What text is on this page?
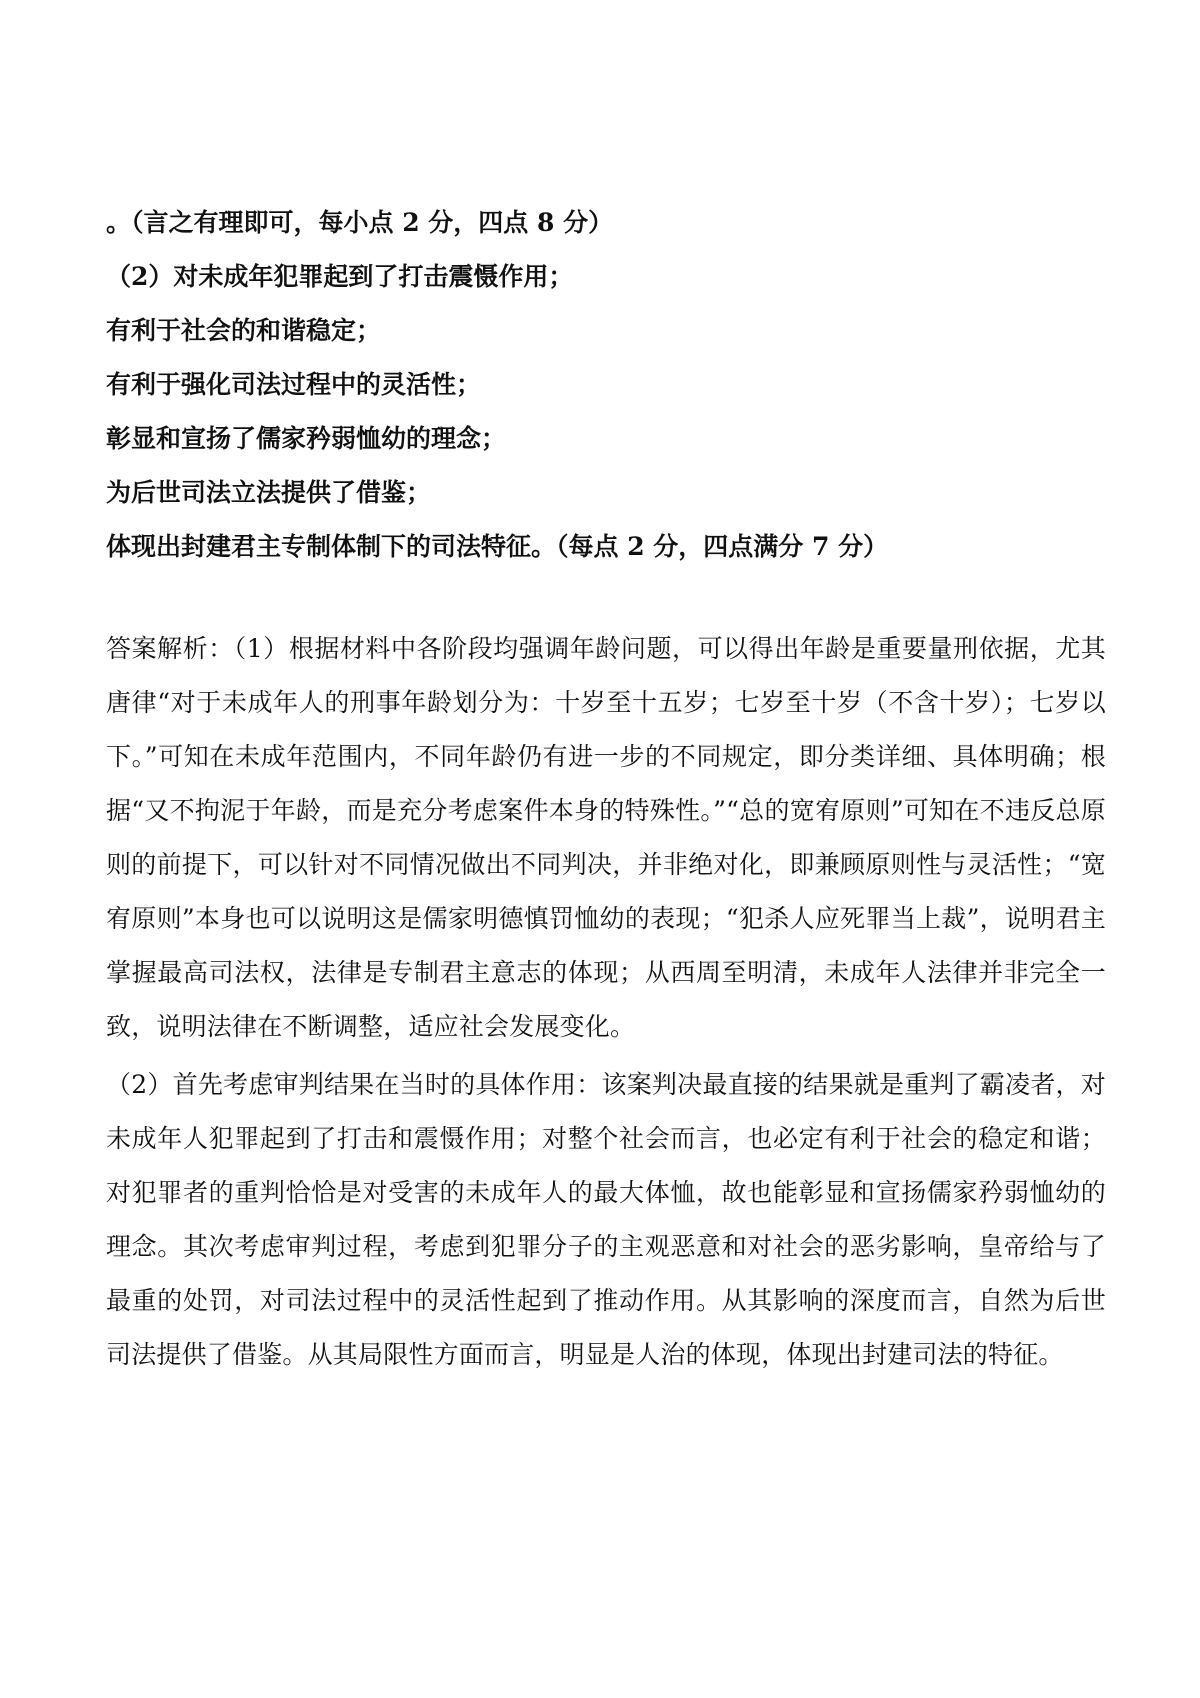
。（言之有理即可，每小点 2 分，四点 8 分）
（2）对未成年犯罪起到了打击震慑作用；
有利于社会的和谐稳定；
有利于强化司法过程中的灵活性；
彰显和宣扬了儒家矜弱恤幼的理念；
为后世司法立法提供了借鉴；
体现出封建君主专制体制下的司法特征。（每点 2 分，四点满分 7 分）

答案解析：（1）根据材料中各阶段均强调年龄问题，可以得出年龄是重要量刑依据，尤其唐律“对于未成年人的刑事年龄划分为：十岁至十五岁；七岁至十岁（不含十岁）；七岁以下。”可知在未成年范围内，不同年龄仍有进一步的不同规定，即分类详细、具体明确；根据“又不拘泥于年龄，而是充分考虑案件本身的特殊性。”“总的宽宥原则”可知在不违反总原则的前提下，可以针对不同情况做出不同判决，并非绝对化，即兼顾原则性与灵活性；“宽宥原则”本身也可以说明这是儒家明德慎罚恤幼的表现；“犯杀人应死罪当上裁”，说明君主掌握最高司法权，法律是专制君主意志的体现；从西周至明清，未成年人法律并非完全一致，说明法律在不断调整，适应社会发展变化。

（2）首先考虑审判结果在当时的具体作用：该案判决最直接的结果就是重判了霸凌者，对未成年人犯罪起到了打击和震慑作用；对整个社会而言，也必定有利于社会的稳定和谐；对犯罪者的重判恰恰是对受害的未成年人的最大体恤，故也能彰显和宣扬儒家矜弱恤幼的理念。其次考虑审判过程，考虑到犯罪分子的主观恶意和对社会的恶劣影响，皇帝给与了最重的处罚，对司法过程中的灵活性起到了推动作用。从其影响的深度而言，自然为后世司法提供了借鉴。从其局限性方面而言，明显是人治的体现，体现出封建司法的特征。
